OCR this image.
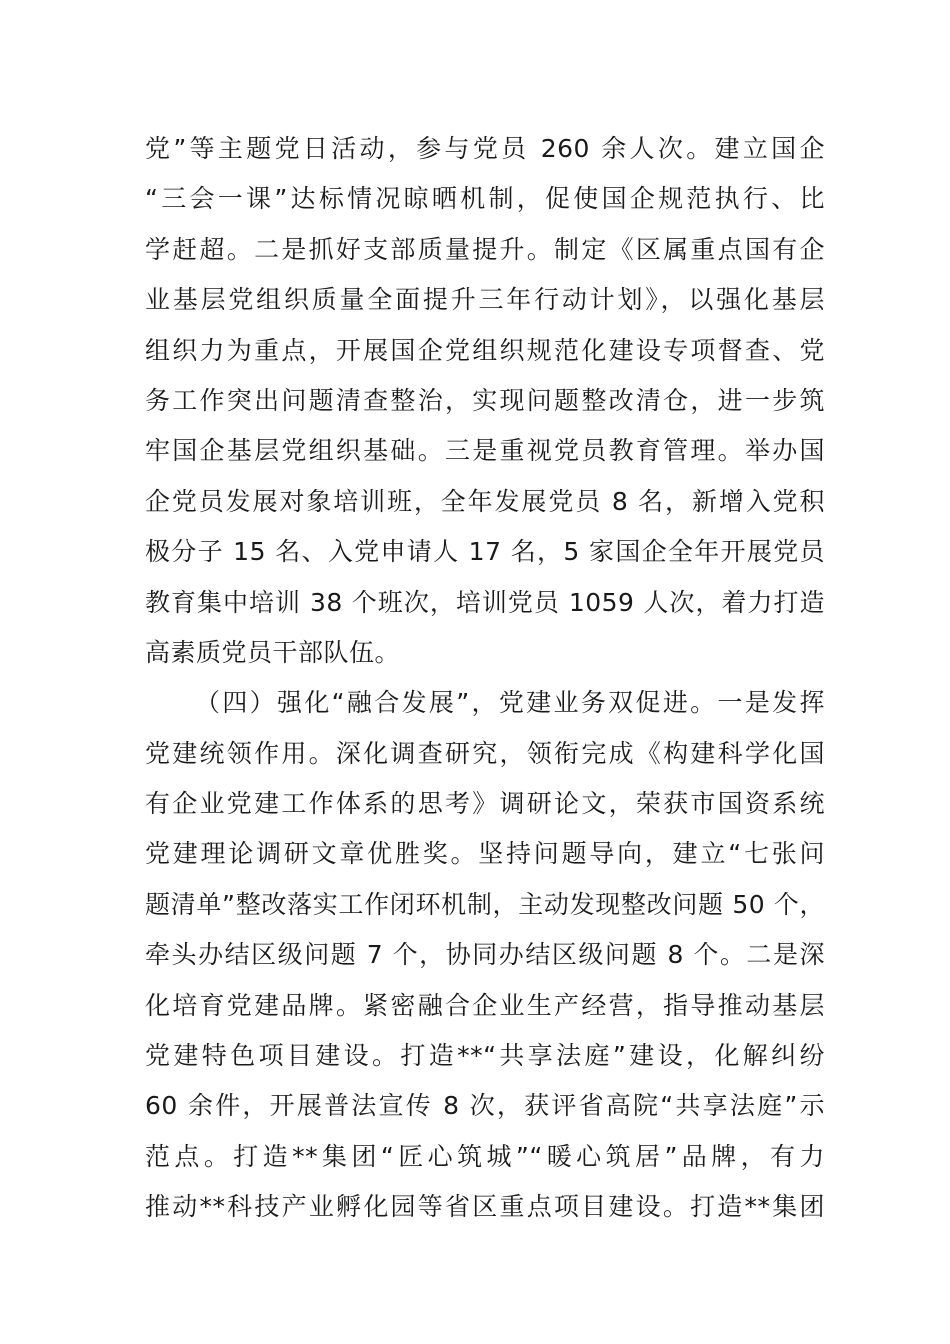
党”等主题党日活动，参与党员 260 余人次。建立国企
“三会一课”达标情况晾晒机制，促使国企规范执行、比
学赶超。二是抓好支部质量提升。制定《区属重点国有企
业基层党组织质量全面提升三年行动计划》，以强化基层
组织力为重点，开展国企党组织规范化建设专项督查、党
务工作突出问题清查整治，实现问题整改清仓，进一步筑
牢国企基层党组织基础。三是重视党员教育管理。举办国
企党员发展对象培训班，全年发展党员 8 名，新增入党积
极分子 15 名、入党申请人 17 名，5 家国企全年开展党员
教育集中培训 38 个班次，培训党员 1059 人次，着力打造
高素质党员干部队伍。
（四）强化“融合发展”，党建业务双促进。一是发挥
党建统领作用。深化调查研究，领衔完成《构建科学化国
有企业党建工作体系的思考》调研论文，荣获市国资系统
党建理论调研文章优胜奖。坚持问题导向，建立“七张问
题清单”整改落实工作闭环机制，主动发现整改问题 50 个，
牵头办结区级问题 7 个，协同办结区级问题 8 个。二是深
化培育党建品牌。紧密融合企业生产经营，指导推动基层
党建特色项目建设。打造**“共享法庭”建设，化解纠纷
60 余件，开展普法宣传 8 次，获评省高院“共享法庭”示
范点。打造**集团“匠心筑城”“暖心筑居”品牌，有力
推动**科技产业孵化园等省区重点项目建设。打造**集团
